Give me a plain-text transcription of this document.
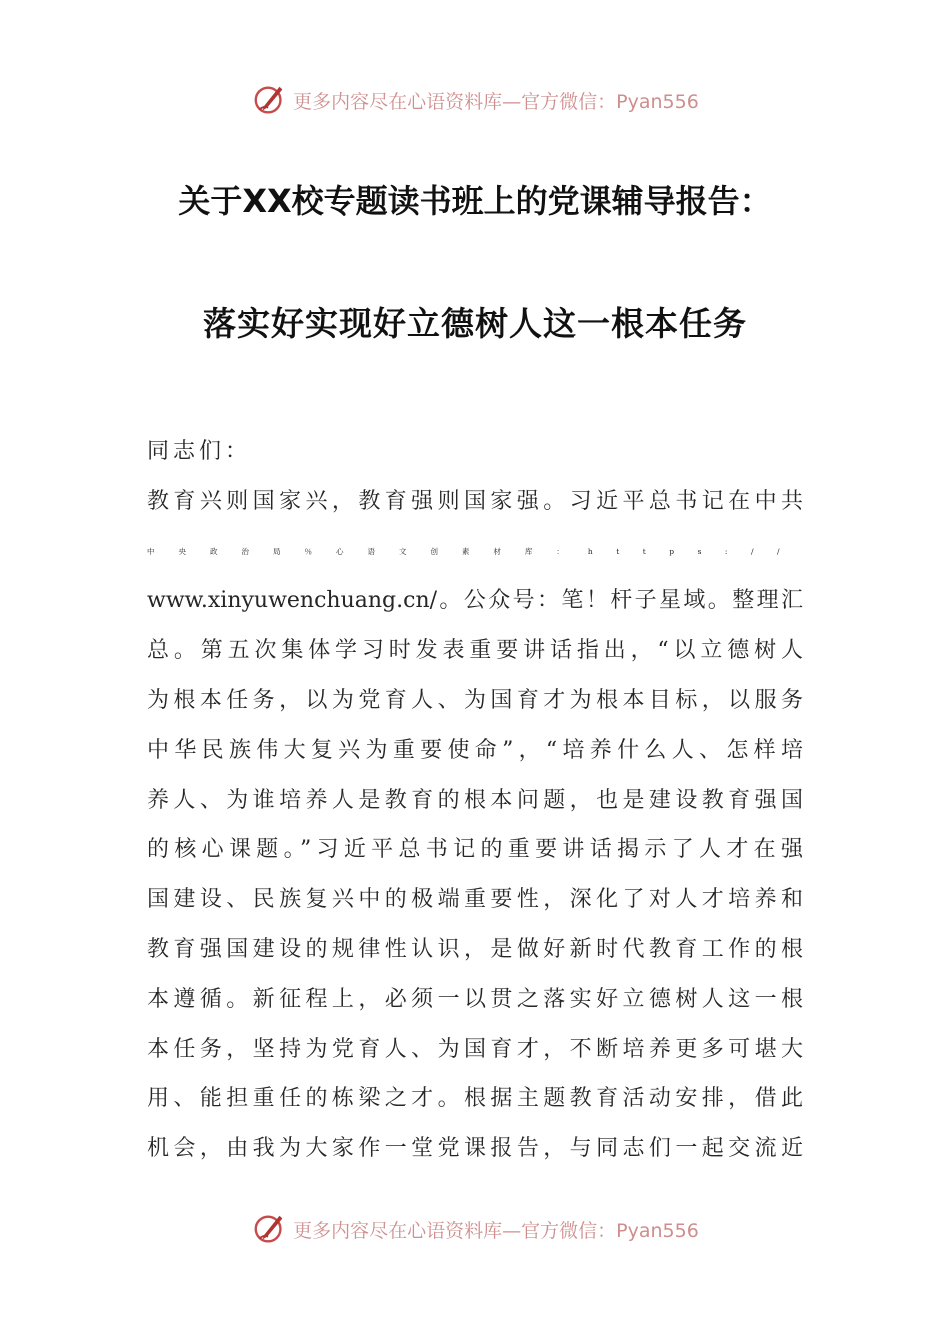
更多内容尽在心语资料库—官方微信：Pyan556
关于XX校专题读书班上的党课辅导报告：
落实好实现好立德树人这一根本任务
同志们：
教育兴则国家兴，教育强则国家强。习近平总书记在中共
中央政治局％心语文创素材库：https://
www.xinyuwenchuang.cn/。公众号：笔！杆子星域。整理汇
总。第五次集体学习时发表重要讲话指出，“以立德树人
为根本任务，以为党育人、为国育才为根本目标，以服务
中华民族伟大复兴为重要使命”，“培养什么人、怎样培
养人、为谁培养人是教育的根本问题，也是建设教育强国
的核心课题。”习近平总书记的重要讲话揭示了人才在强
国建设、民族复兴中的极端重要性，深化了对人才培养和
教育强国建设的规律性认识，是做好新时代教育工作的根
本遵循。新征程上，必须一以贯之落实好立德树人这一根
本任务，坚持为党育人、为国育才，不断培养更多可堪大
用、能担重任的栋梁之才。根据主题教育活动安排，借此
机会，由我为大家作一堂党课报告，与同志们一起交流近
更多内容尽在心语资料库—官方微信：Pyan556
